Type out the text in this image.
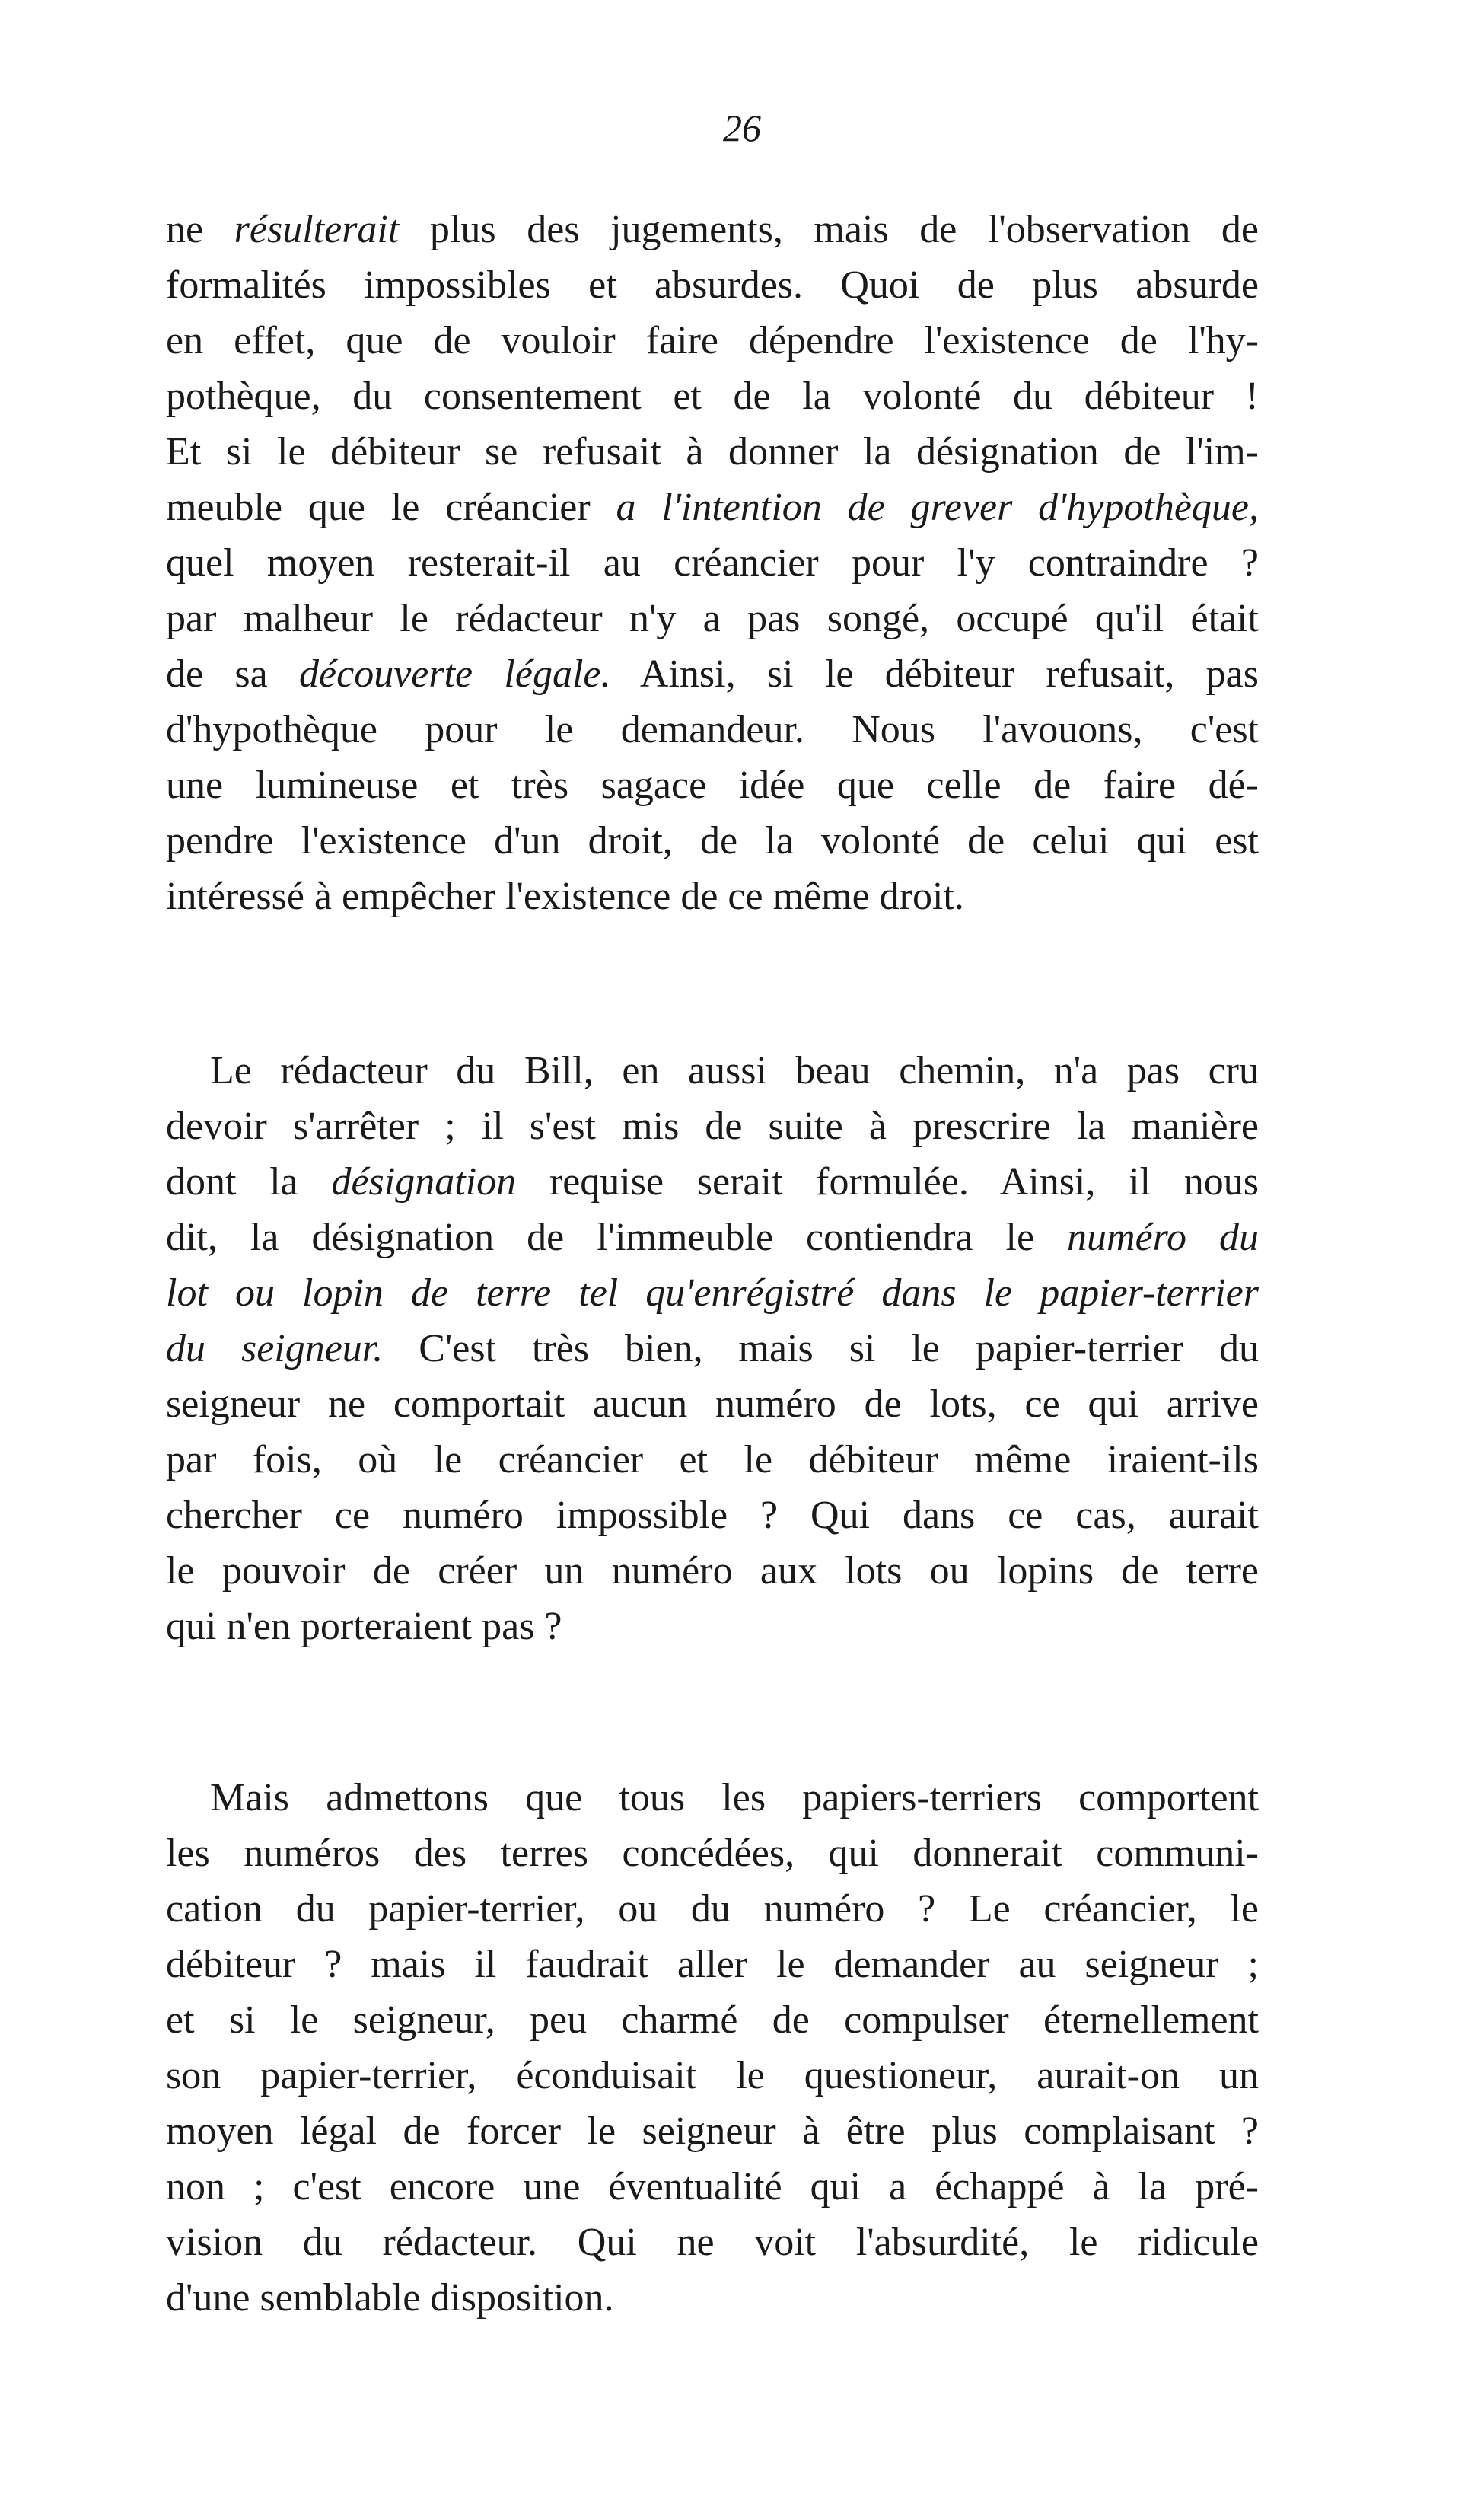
26
ne résulterait plus des jugements, mais de l'observation de
formalités impossibles et absurdes. Quoi de plus absurde
en effet, que de vouloir faire dépendre l'existence de l'hy-
pothèque, du consentement et de la volonté du débiteur !
Et si le débiteur se refusait à donner la désignation de l'im-
meuble que le créancier a l'intention de grever d'hypothèque,
quel moyen resterait-il au créancier pour l'y contraindre ?
par malheur le rédacteur n'y a pas songé, occupé qu'il était
de sa découverte légale. Ainsi, si le débiteur refusait, pas
d'hypothèque pour le demandeur. Nous l'avouons, c'est
une lumineuse et très sagace idée que celle de faire dé-
pendre l'existence d'un droit, de la volonté de celui qui est
intéressé à empêcher l'existence de ce même droit.
Le rédacteur du Bill, en aussi beau chemin, n'a pas cru
devoir s'arrêter ; il s'est mis de suite à prescrire la manière
dont la désignation requise serait formulée. Ainsi, il nous
dit, la désignation de l'immeuble contiendra le numéro du
lot ou lopin de terre tel qu'enrégistré dans le papier-terrier
du seigneur. C'est très bien, mais si le papier-terrier du
seigneur ne comportait aucun numéro de lots, ce qui arrive
par fois, où le créancier et le débiteur même iraient-ils
chercher ce numéro impossible ? Qui dans ce cas, aurait
le pouvoir de créer un numéro aux lots ou lopins de terre
qui n'en porteraient pas ?
Mais admettons que tous les papiers-terriers comportent
les numéros des terres concédées, qui donnerait communi-
cation du papier-terrier, ou du numéro ? Le créancier, le
débiteur ? mais il faudrait aller le demander au seigneur ;
et si le seigneur, peu charmé de compulser éternellement
son papier-terrier, éconduisait le questioneur, aurait-on un
moyen légal de forcer le seigneur à être plus complaisant ?
non ; c'est encore une éventualité qui a échappé à la pré-
vision du rédacteur. Qui ne voit l'absurdité, le ridicule
d'une semblable disposition.
